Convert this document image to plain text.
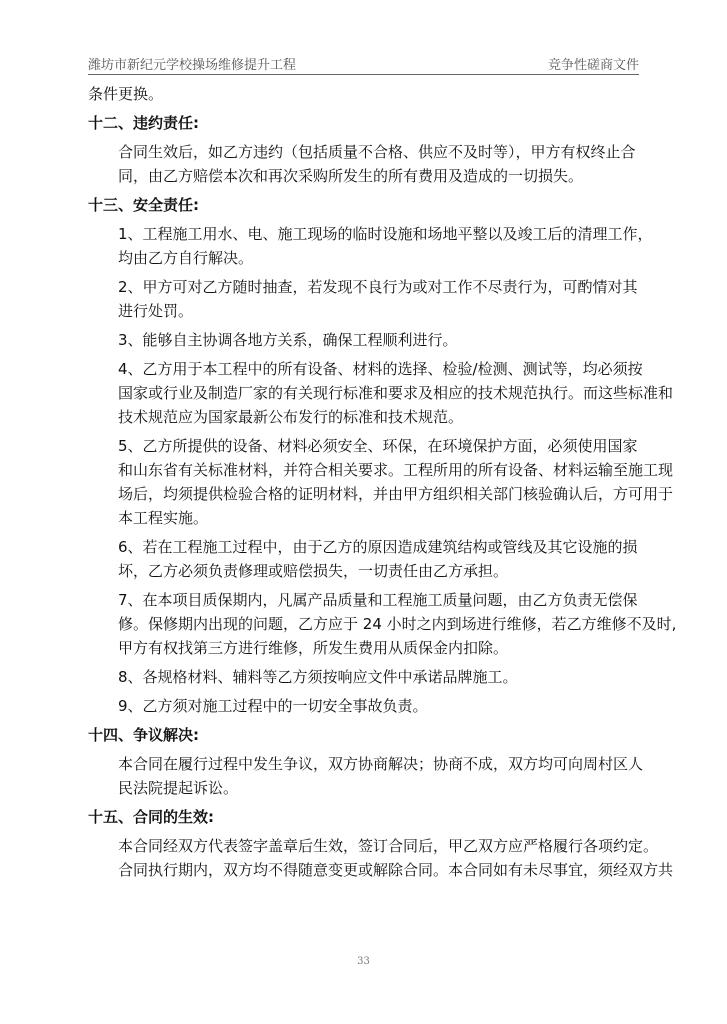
潍坊市新纪元学校操场维修提升工程	竞争性磋商文件
条件更换。
十二、违约责任:
合同生效后，如乙方违约（包括质量不合格、供应不及时等），甲方有权终止合
同，由乙方赔偿本次和再次采购所发生的所有费用及造成的一切损失。
十三、安全责任:
1、工程施工用水、电、施工现场的临时设施和场地平整以及竣工后的清理工作，
均由乙方自行解决。
2、甲方可对乙方随时抽查，若发现不良行为或对工作不尽责行为，可酌情对其
进行处罚。
3、能够自主协调各地方关系，确保工程顺利进行。
4、乙方用于本工程中的所有设备、材料的选择、检验/检测、测试等，均必须按
国家或行业及制造厂家的有关现行标准和要求及相应的技术规范执行。而这些标准和
技术规范应为国家最新公布发行的标准和技术规范。
5、乙方所提供的设备、材料必须安全、环保，在环境保护方面，必须使用国家
和山东省有关标准材料，并符合相关要求。工程所用的所有设备、材料运输至施工现
场后，均须提供检验合格的证明材料，并由甲方组织相关部门核验确认后，方可用于
本工程实施。
6、若在工程施工过程中，由于乙方的原因造成建筑结构或管线及其它设施的损
坏，乙方必须负责修理或赔偿损失，一切责任由乙方承担。
7、在本项目质保期内，凡属产品质量和工程施工质量问题，由乙方负责无偿保
修。保修期内出现的问题，乙方应于 24 小时之内到场进行维修，若乙方维修不及时,
甲方有权找第三方进行维修，所发生费用从质保金内扣除。
8、各规格材料、辅料等乙方须按响应文件中承诺品牌施工。
9、乙方须对施工过程中的一切安全事故负责。
十四、争议解决:
本合同在履行过程中发生争议，双方协商解决；协商不成，双方均可向周村区人
民法院提起诉讼。
十五、合同的生效:
本合同经双方代表签字盖章后生效，签订合同后，甲乙双方应严格履行各项约定。
合同执行期内，双方均不得随意变更或解除合同。本合同如有未尽事宜，须经双方共
33
